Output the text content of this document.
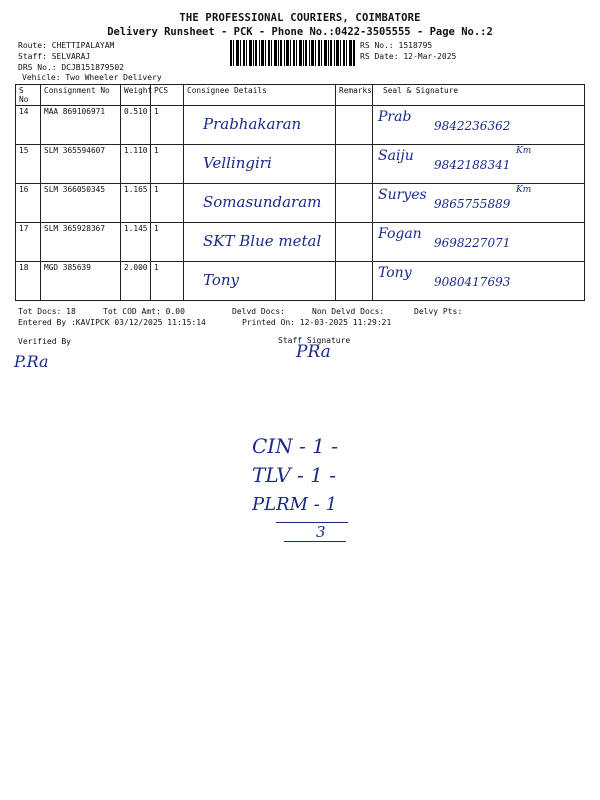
THE PROFESSIONAL COURIERS, COIMBATORE
Delivery Runsheet - PCK - Phone No.:0422-3505555 - Page No.:2
Route: CHETTIPALAYAM
Staff: SELVARAJ
DRS No.: DCJB151879502
Vehicle: Two Wheeler Delivery
RS No.: 1518795
RS Date: 12-Mar-2025
S No	Consignment No	Weight	PCS	Consignee Details	Remarks	Seal & Signature
14	MAA 869106971	0.510	1	Prabhakaran		Prab
9842236362

15	SLM 365594607	1.110	1	Vellingiri		Saiju
9842188341
Km

16	SLM 366050345	1.165	1	Somasundaram		Suryes
9865755889
Km

17	SLM 365928367	1.145	1	SKT Blue metal		Fogan
9698227071

18	MGD 385639	2.000	1	Tony		Tony
9080417693
Tot Docs: 18	Tot COD Amt: 0.00	Delvd Docs:	Non Delvd Docs:	Delvy Pts:
Entered By :KAVIPCK 03/12/2025 11:15:14	Printed On: 12-03-2025 11:29:21
Verified By	Staff Signature
P.Ra	PRa
CIN - 1 -
TLV - 1 -
PLRM - 1
3
